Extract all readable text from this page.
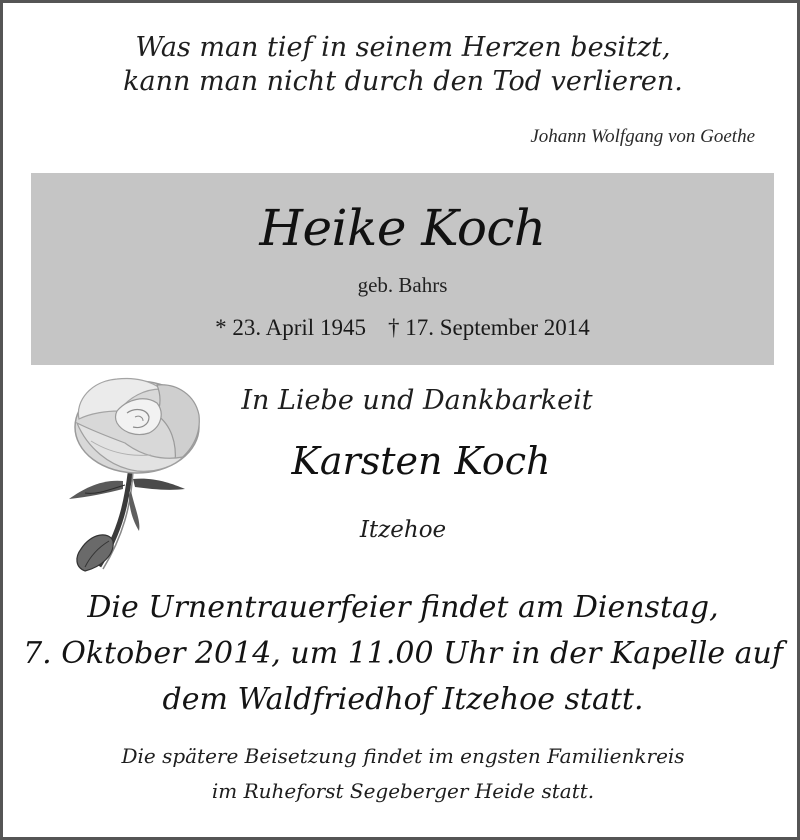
Was man tief in seinem Herzen besitzt,
kann man nicht durch den Tod verlieren.
Johann Wolfgang von Goethe
Heike Koch
geb. Bahrs
* 23. April 1945 † 17. September 2014
In Liebe und Dankbarkeit
Karsten Koch
Itzehoe
Die Urnentrauerfeier findet am Dienstag,
7. Oktober 2014, um 11.00 Uhr in der Kapelle auf
dem Waldfriedhof Itzehoe statt.
Die spätere Beisetzung findet im engsten Familienkreis
im Ruheforst Segeberger Heide statt.
